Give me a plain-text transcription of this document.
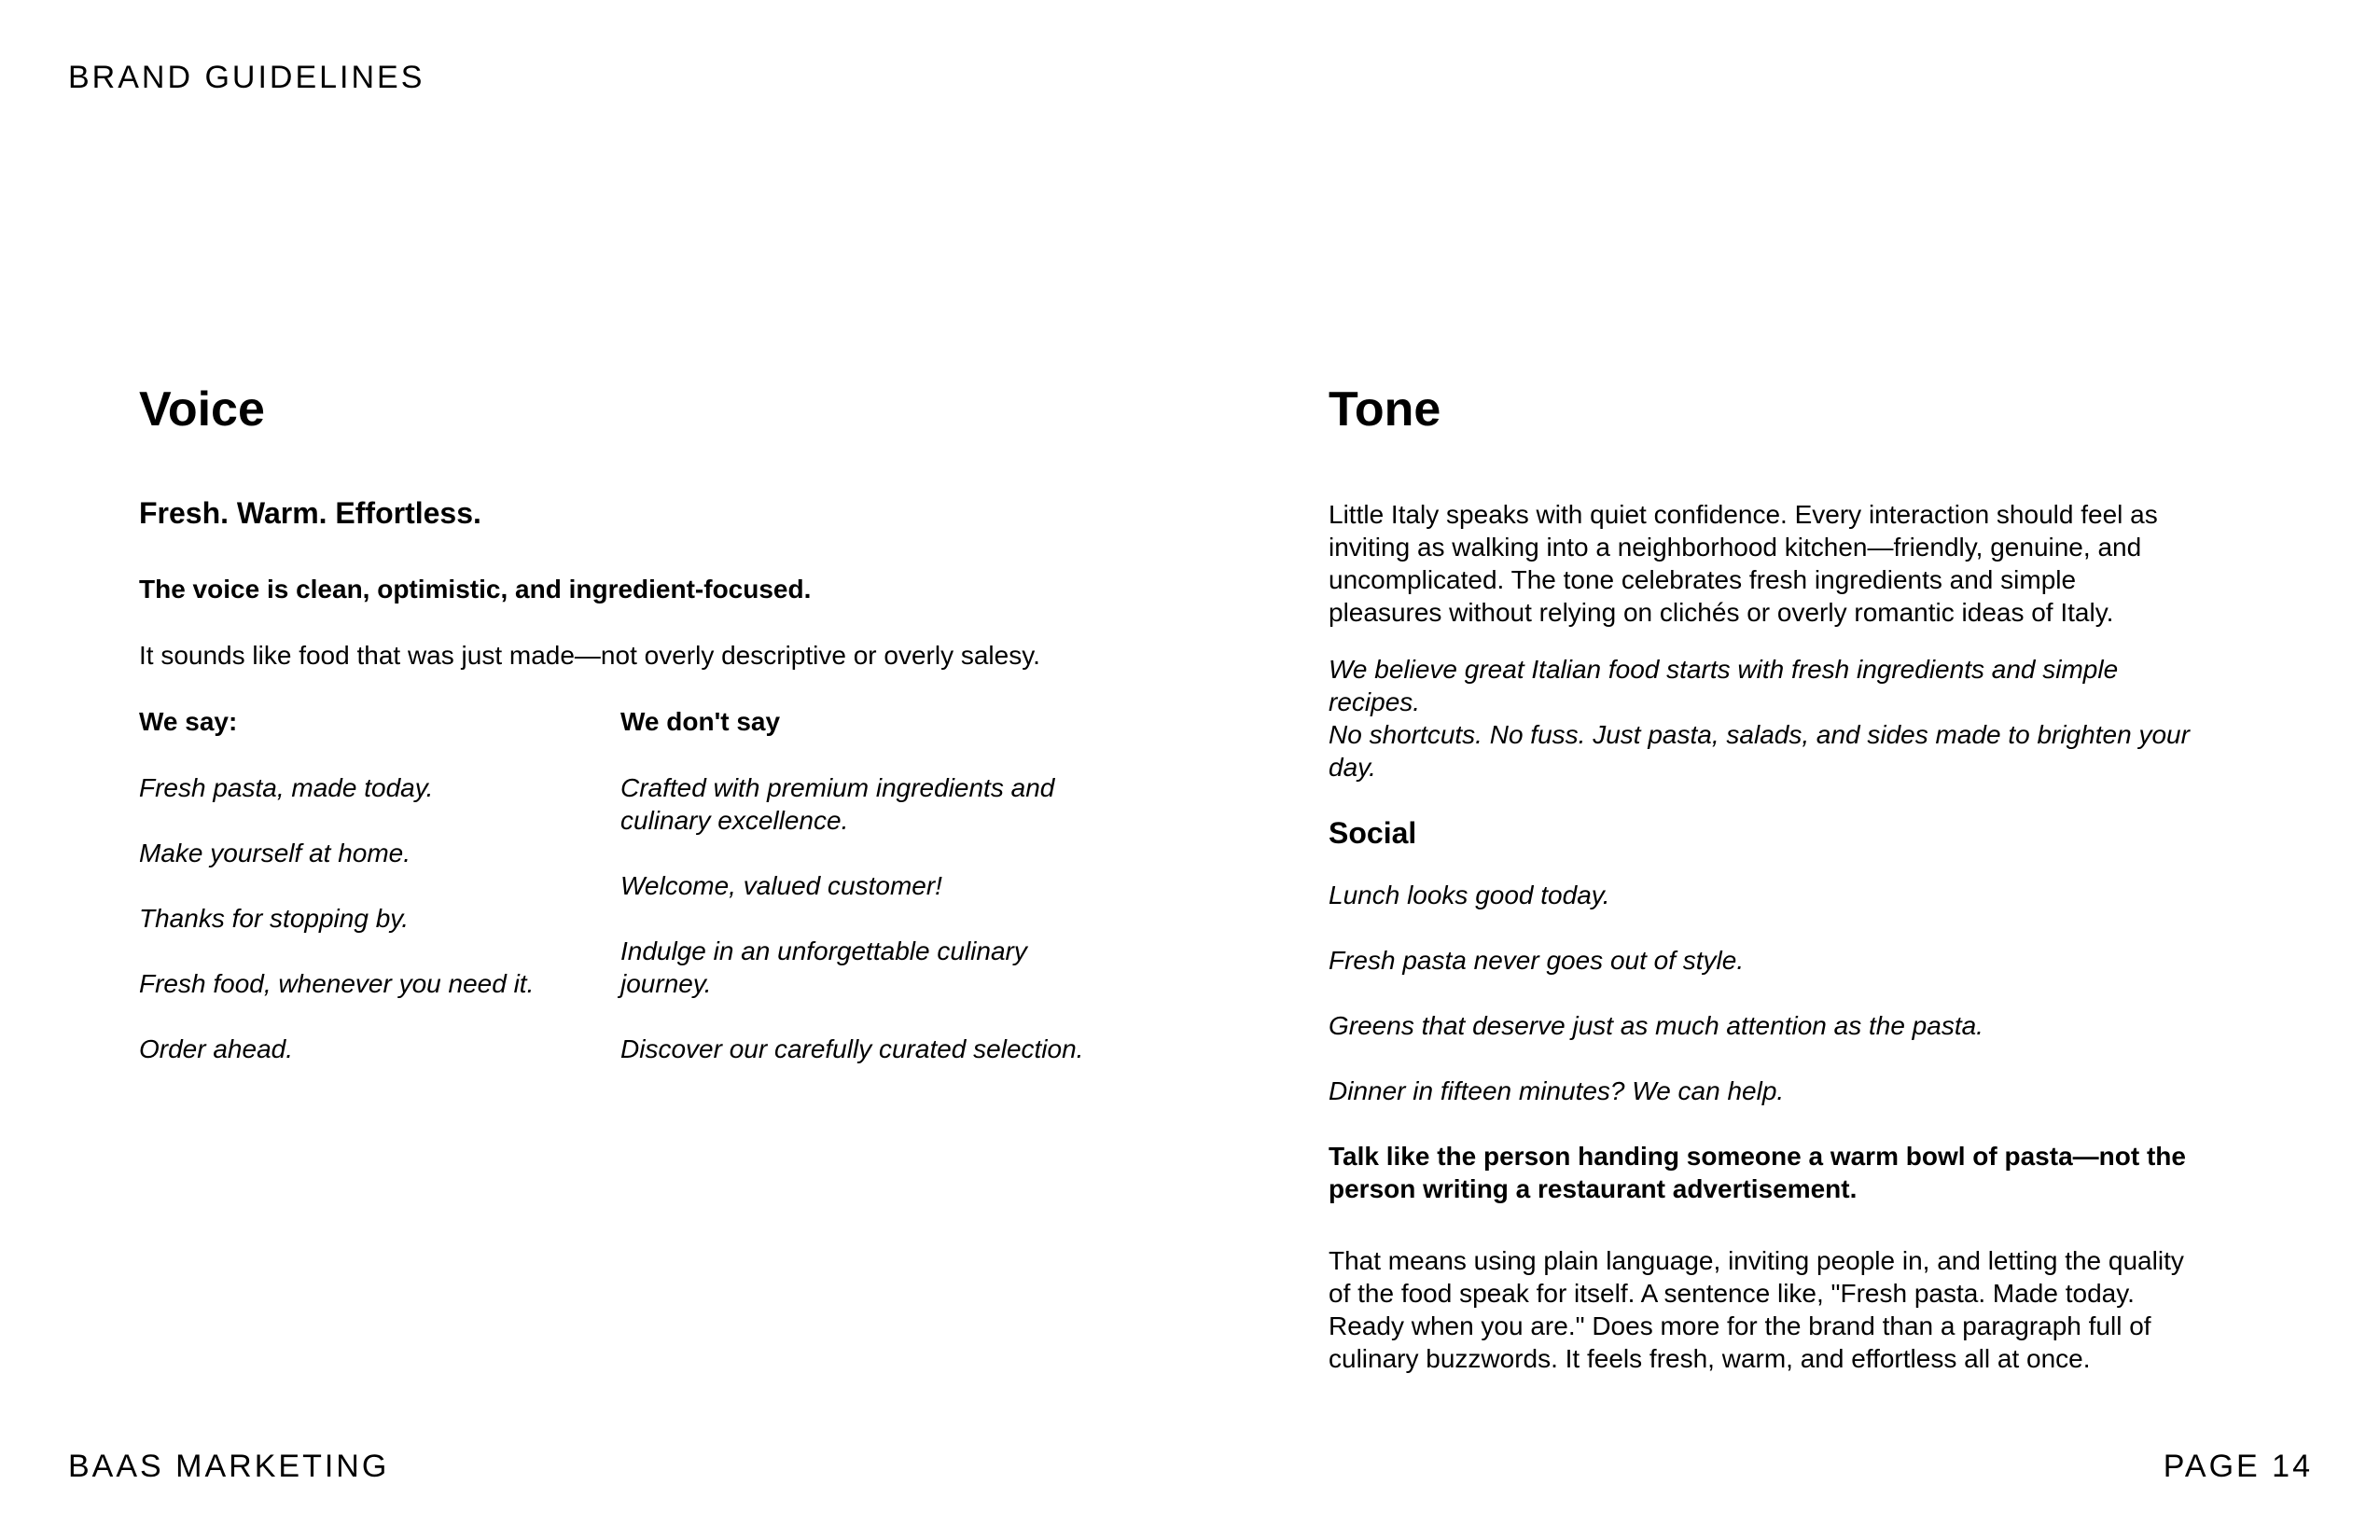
BRAND GUIDELINES
Voice

Fresh. Warm. Effortless.

The voice is clean, optimistic, and ingredient-focused.

It sounds like food that was just made—not overly descriptive or overly salesy.

We say:

Fresh pasta, made today.
Make yourself at home.
Thanks for stopping by.
Fresh food, whenever you need it.
Order ahead.

We don't say

Crafted with premium ingredients and culinary excellence.
Welcome, valued customer!
Indulge in an unforgettable culinary journey.
Discover our carefully curated selection.
Tone

Little Italy speaks with quiet confidence. Every interaction should feel as inviting as walking into a neighborhood kitchen—friendly, genuine, and uncomplicated. The tone celebrates fresh ingredients and simple pleasures without relying on clichés or overly romantic ideas of Italy.

We believe great Italian food starts with fresh ingredients and simple recipes.
No shortcuts. No fuss. Just pasta, salads, and sides made to brighten your day.

Social
Lunch looks good today.
Fresh pasta never goes out of style.
Greens that deserve just as much attention as the pasta.
Dinner in fifteen minutes? We can help.

Talk like the person handing someone a warm bowl of pasta—not the person writing a restaurant advertisement.

That means using plain language, inviting people in, and letting the quality of the food speak for itself. A sentence like, "Fresh pasta. Made today. Ready when you are." Does more for the brand than a paragraph full of culinary buzzwords. It feels fresh, warm, and effortless all at once.

BAAS MARKETING	PAGE 14
